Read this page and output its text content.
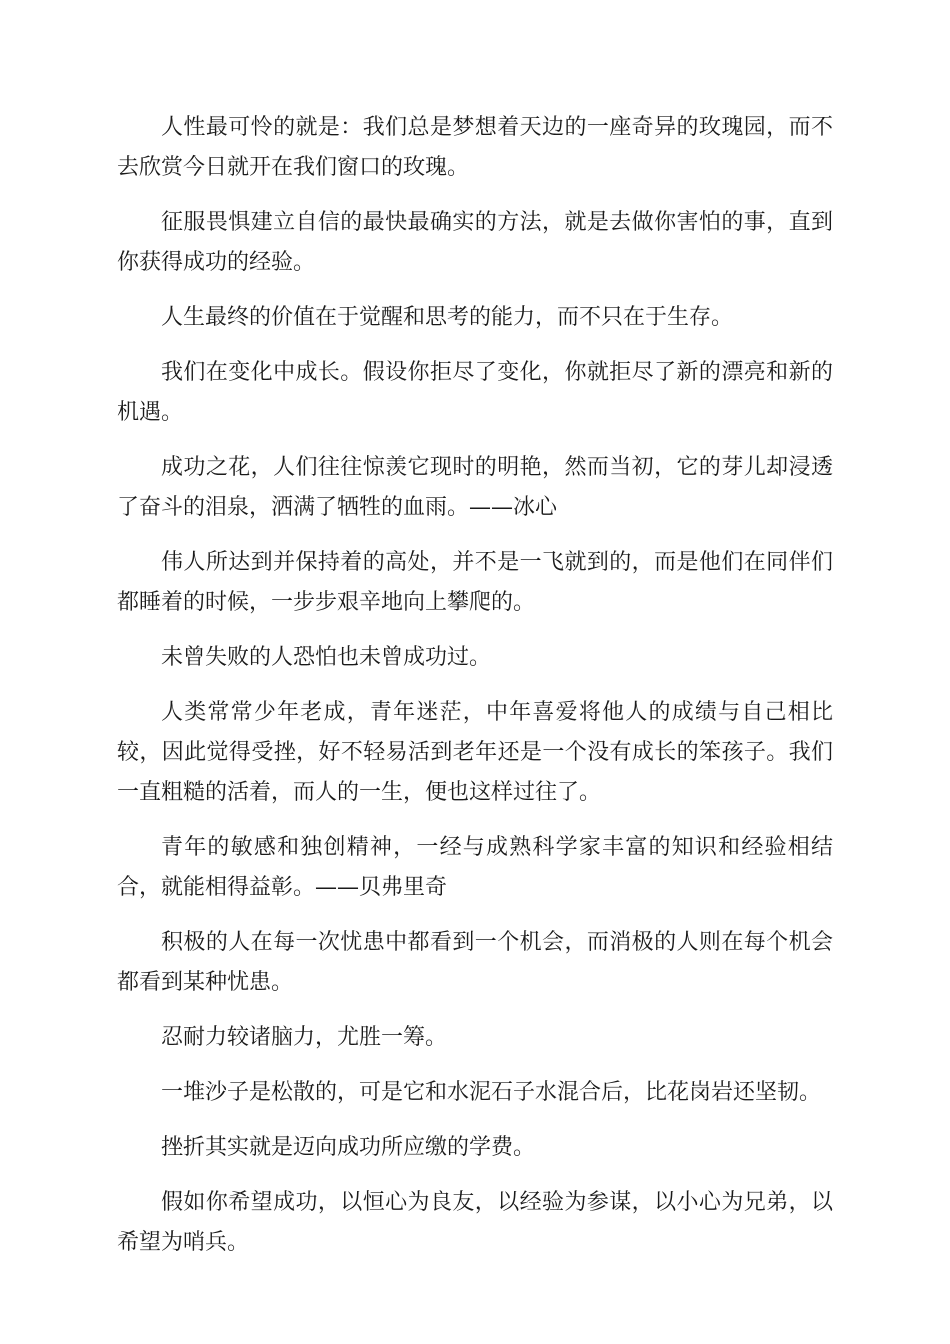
人性最可怜的就是：我们总是梦想着天边的一座奇异的玫瑰园，而不去欣赏今日就开在我们窗口的玫瑰。

征服畏惧建立自信的最快最确实的方法，就是去做你害怕的事，直到你获得成功的经验。

人生最终的价值在于觉醒和思考的能力，而不只在于生存。

我们在变化中成长。假设你拒尽了变化，你就拒尽了新的漂亮和新的机遇。

成功之花，人们往往惊羡它现时的明艳，然而当初，它的芽儿却浸透了奋斗的泪泉，洒满了牺牲的血雨。——冰心

伟人所达到并保持着的高处，并不是一飞就到的，而是他们在同伴们都睡着的时候，一步步艰辛地向上攀爬的。

未曾失败的人恐怕也未曾成功过。

人类常常少年老成，青年迷茫，中年喜爱将他人的成绩与自己相比较，因此觉得受挫，好不轻易活到老年还是一个没有成长的笨孩子。我们一直粗糙的活着，而人的一生，便也这样过往了。

青年的敏感和独创精神，一经与成熟科学家丰富的知识和经验相结合，就能相得益彰。——贝弗里奇

积极的人在每一次忧患中都看到一个机会，而消极的人则在每个机会都看到某种忧患。

忍耐力较诸脑力，尤胜一筹。

一堆沙子是松散的，可是它和水泥石子水混合后，比花岗岩还坚韧。

挫折其实就是迈向成功所应缴的学费。

假如你希望成功，以恒心为良友，以经验为参谋，以小心为兄弟，以希望为哨兵。
